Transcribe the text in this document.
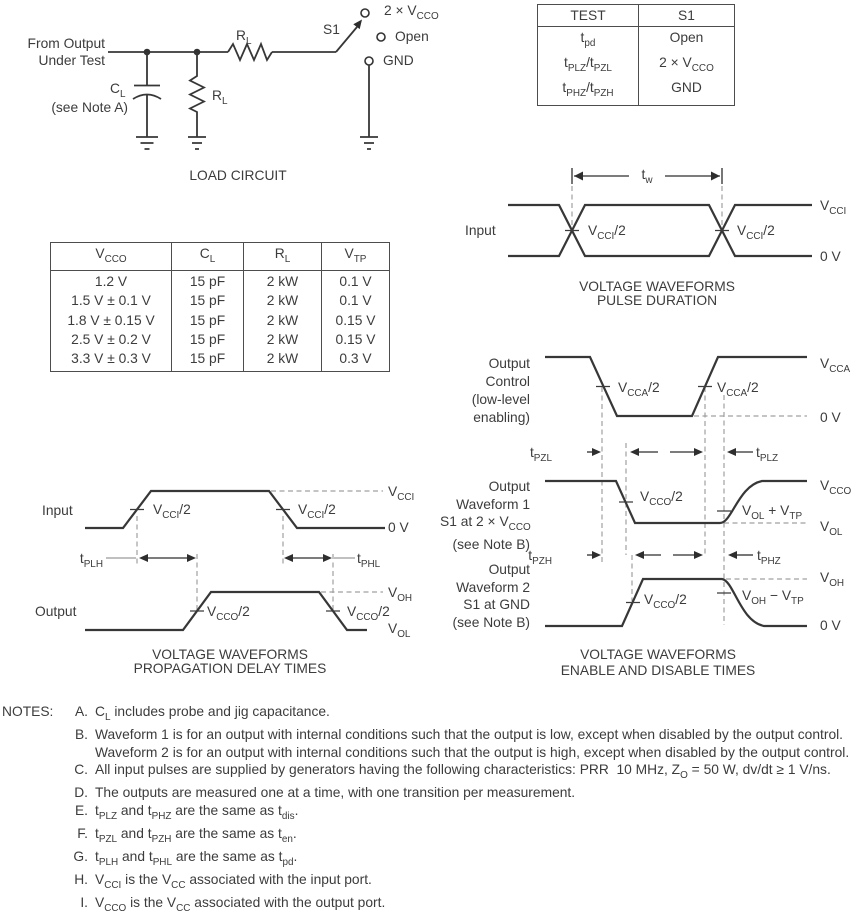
From Output
Under Test
$C_L$
(see Note A)
$R_L$
$R_L$
S1
$2 \times V_{CCO}$
Open
GND
LOAD CIRCUIT
TEST	S1
$t_{pd}$	Open
$t_{PLZ}/t_{PZL}$	$2 \times V_{CCO}$
$t_{PHZ}/t_{PZH}$	GND
$V_{CCO}$	$C_L$	$R_L$	$V_{TP}$
1.2 V	15 pF	2 kW	0.1 V
1.5 V ± 0.1 V	15 pF	2 kW	0.1 V
1.8 V ± 0.15 V	15 pF	2 kW	0.15 V
2.5 V ± 0.2 V	15 pF	2 kW	0.15 V
3.3 V ± 0.3 V	15 pF	2 kW	0.3 V
Input
$t_w$
$V_{CCI}/2$	$V_{CCI}/2$
$V_{CCI}$
0 V
VOLTAGE WAVEFORMS
PULSE DURATION
Input
Output
$V_{CCI}/2$	$V_{CCI}/2$
$V_{CCI}$
0 V
$t_{PLH}$	$t_{PHL}$
$V_{CCO}/2$	$V_{CCO}/2$
$V_{OH}$
$V_{OL}$
VOLTAGE WAVEFORMS
PROPAGATION DELAY TIMES
Output
Control
(low-level
enabling)
Output
Waveform 1
S1 at $2 \times V_{CCO}$
(see Note B)
Output
Waveform 2
S1 at GND
(see Note B)
$V_{CCA}/2$	$V_{CCA}/2$
$V_{CCA}$
0 V
$t_{PZL}$	$t_{PLZ}$
$V_{CCO}/2$
$V_{CCO}$
$V_{OL} + V_{TP}$
$V_{OL}$
$t_{PZH}$	$t_{PHZ}$
$V_{CCO}/2$
$V_{OH}$
$V_{OH} - V_{TP}$
0 V
VOLTAGE WAVEFORMS
ENABLE AND DISABLE TIMES
NOTES:	A. $C_L$ includes probe and jig capacitance.
B. Waveform 1 is for an output with internal conditions such that the output is low, except when disabled by the output control.
Waveform 2 is for an output with internal conditions such that the output is high, except when disabled by the output control.
C. All input pulses are supplied by generators having the following characteristics: PRR  10 MHz, $Z_O = 50$ W, dv/dt ≥ 1 V/ns.
D. The outputs are measured one at a time, with one transition per measurement.
E. $t_{PLZ}$ and $t_{PHZ}$ are the same as $t_{dis}$.
F. $t_{PZL}$ and $t_{PZH}$ are the same as $t_{en}$.
G. $t_{PLH}$ and $t_{PHL}$ are the same as $t_{pd}$.
H. $V_{CCI}$ is the $V_{CC}$ associated with the input port.
I. $V_{CCO}$ is the $V_{CC}$ associated with the output port.
